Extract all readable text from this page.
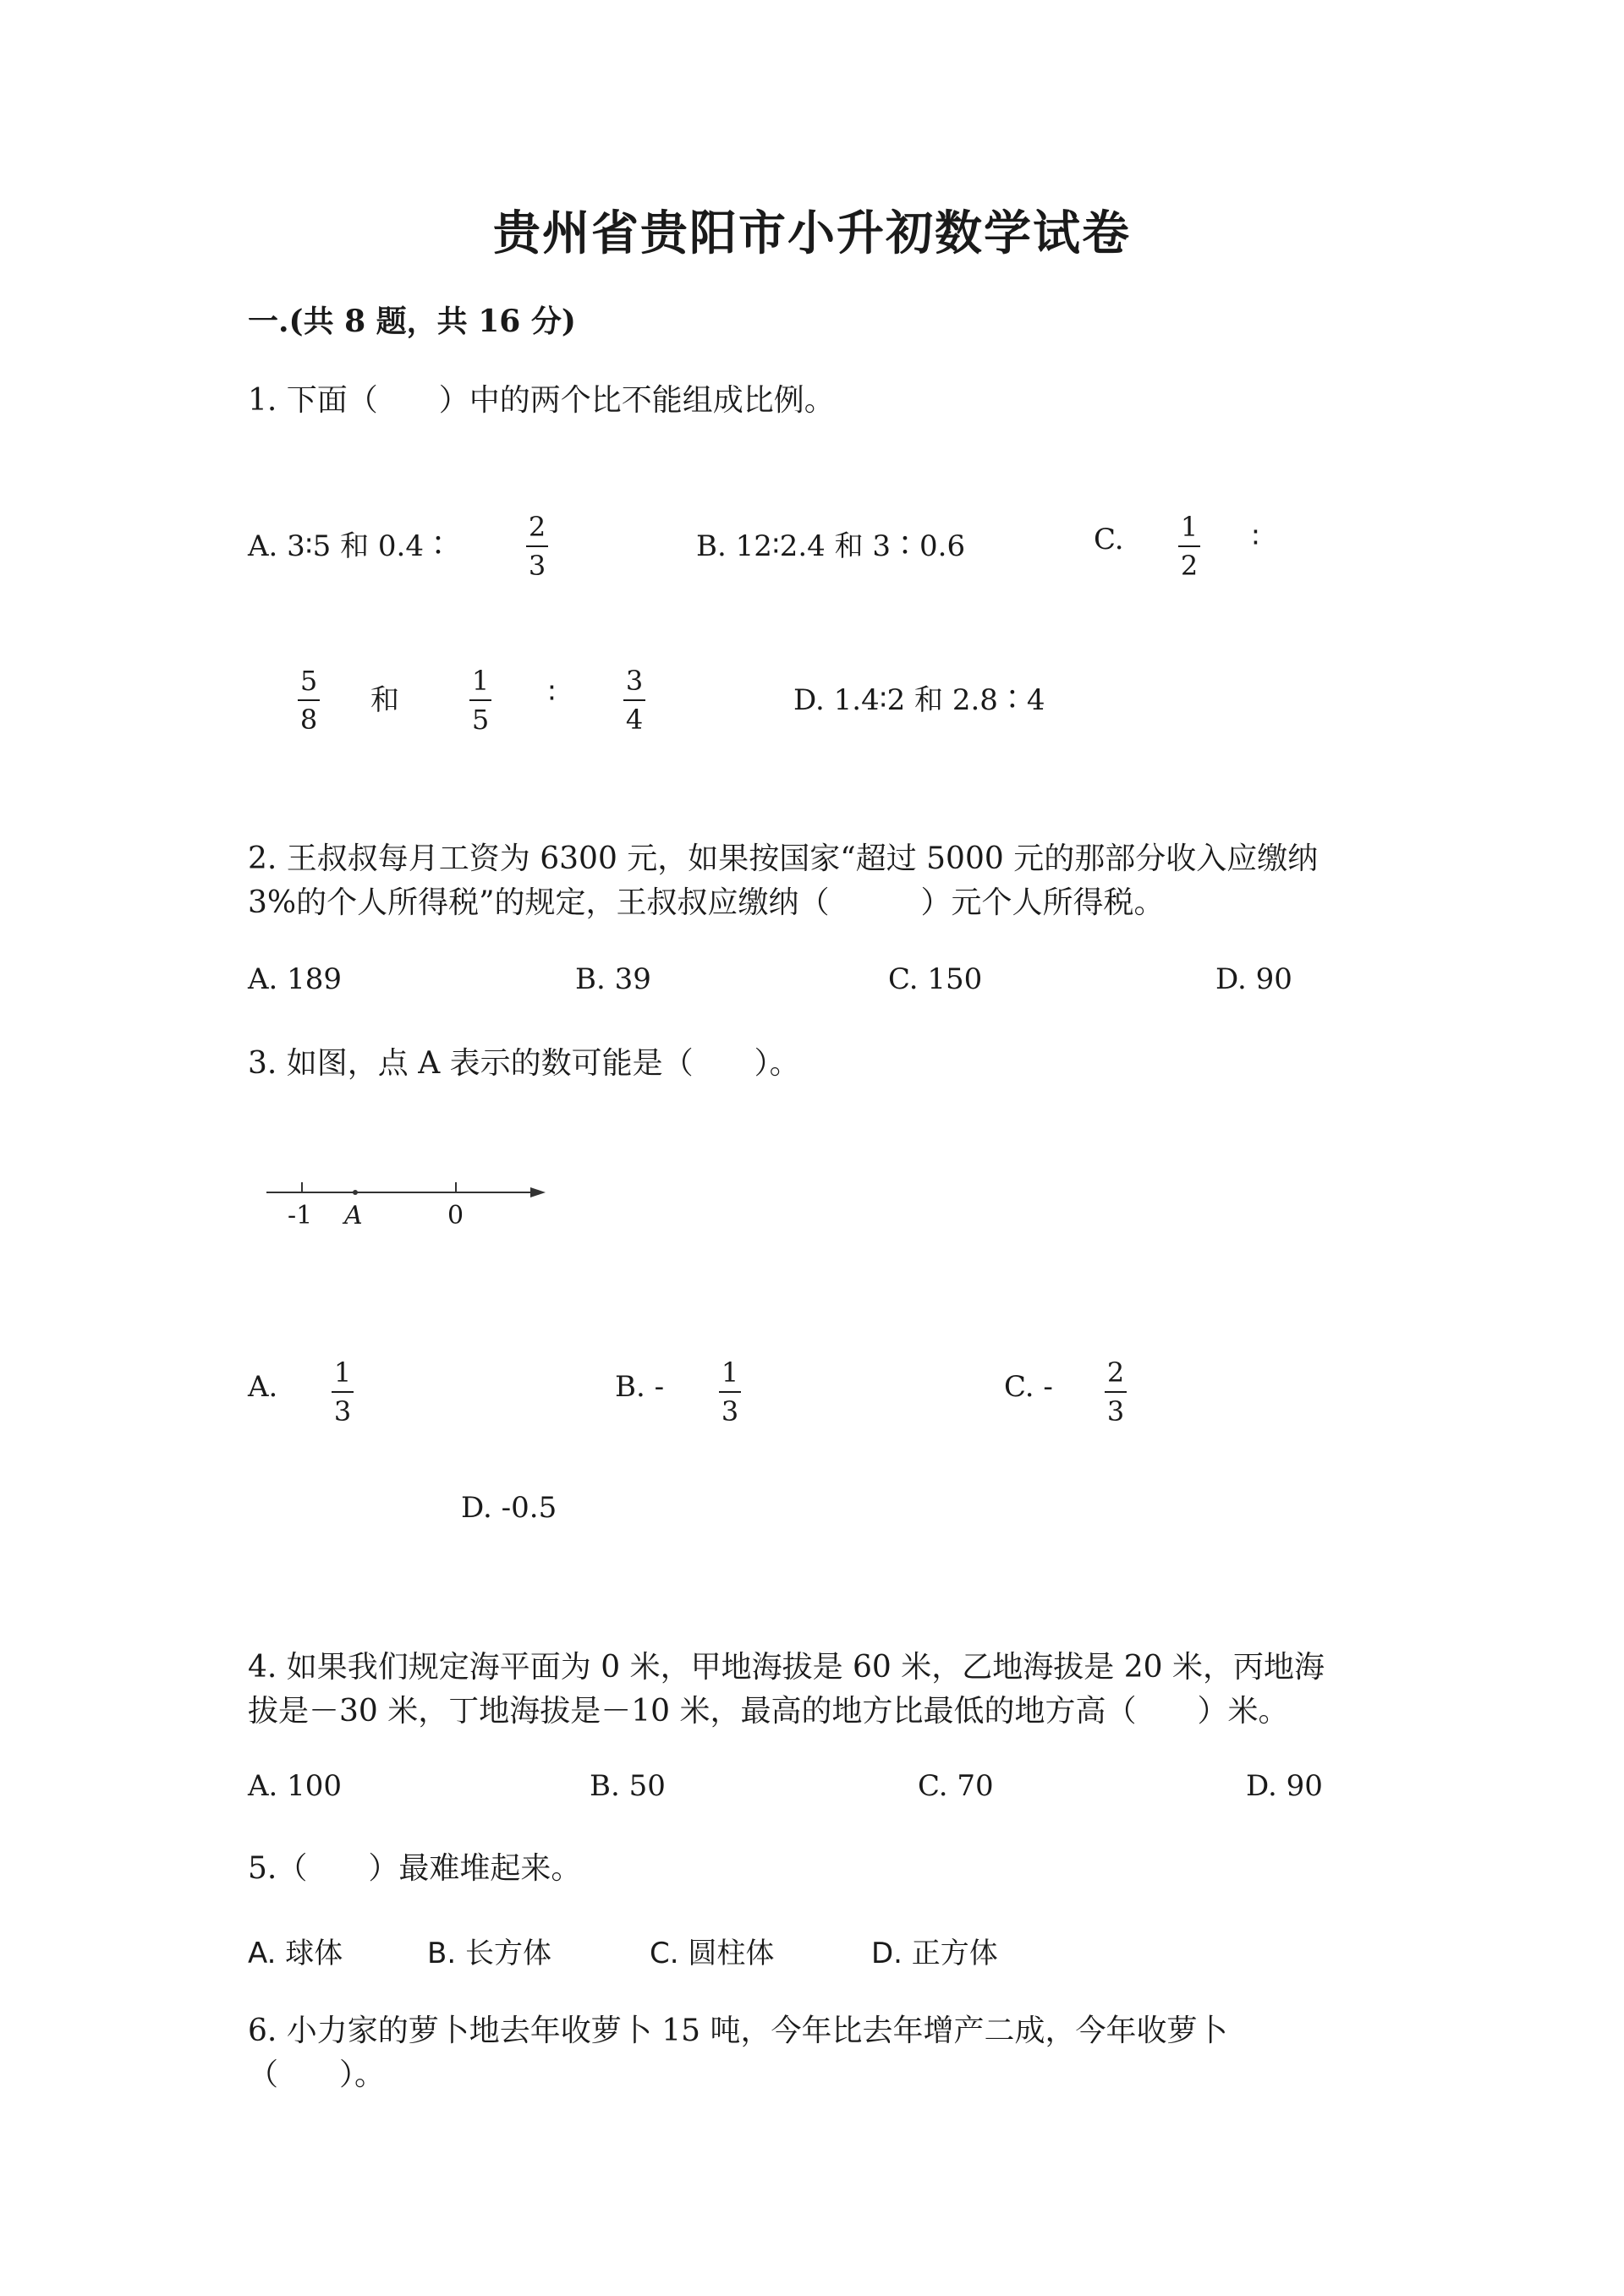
贵州省贵阳市小升初数学试卷
一.(共 8 题，共 16 分)
1. 下面（　　）中的两个比不能组成比例。
A. 3∶5 和 0.4∶
2
3
B. 12∶2.4 和 3∶0.6	C. 1
2
∶
5
8
和
1
5
∶	3
4
D. 1.4∶2 和 2.8∶4
2. 王叔叔每月工资为 6300 元，如果按国家“超过 5000 元的那部分收入应缴纳
3%的个人所得税”的规定，王叔叔应缴纳（　　　）元个人所得税。
A. 189	B. 39	C. 150	D. 90
3. 如图，点 A 表示的数可能是（　　）。
-1 A	0
A. 1
3
B. - 1
3
C. - 2
3
D. -0.5
4. 如果我们规定海平面为 0 米，甲地海拔是 60 米，乙地海拔是 20 米，丙地海
拔是－30 米，丁地海拔是－10 米，最高的地方比最低的地方高（　　）米。
A. 100	B. 50	C. 70	D. 90
5.（　　）最难堆起来。
A. 球体	B. 长方体	C. 圆柱体	D. 正方体
6. 小力家的萝卜地去年收萝卜 15 吨，今年比去年增产二成，今年收萝卜
（　　）。
